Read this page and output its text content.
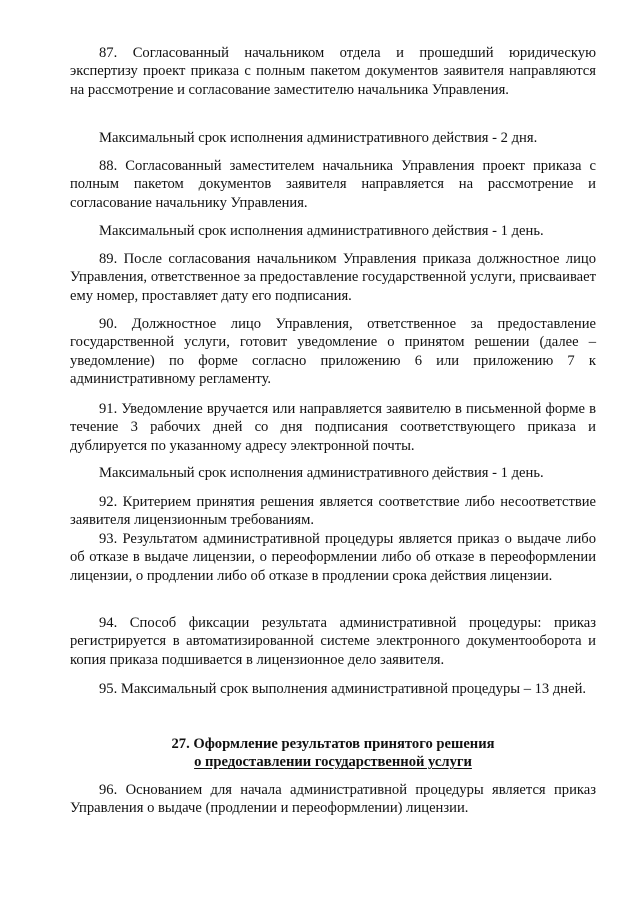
87. Согласованный начальником отдела и прошедший юридическую экспертизу проект приказа с полным пакетом документов заявителя направляются на рассмотрение и согласование заместителю начальника Управления.

Максимальный срок исполнения административного действия - 2 дня.

88. Согласованный заместителем начальника Управления проект приказа с полным пакетом документов заявителя направляется на рассмотрение и согласование начальнику Управления.

Максимальный срок исполнения административного действия - 1 день.

89. После согласования начальником Управления приказа должностное лицо Управления, ответственное за предоставление государственной услуги, присваивает ему номер, проставляет дату его подписания.

90. Должностное лицо Управления, ответственное за предоставление государственной услуги, готовит уведомление о принятом решении (далее – уведомление) по форме согласно приложению 6 или приложению 7 к административному регламенту.

91. Уведомление вручается или направляется заявителю в письменной форме в течение 3 рабочих дней со дня подписания соответствующего приказа и дублируется по указанному адресу электронной почты.

Максимальный срок исполнения административного действия - 1 день.

92. Критерием принятия решения является соответствие либо несоответствие заявителя лицензионным требованиям.

93. Результатом административной процедуры является приказ о выдаче либо об отказе в выдаче лицензии, о переоформлении либо об отказе в переоформлении лицензии, о продлении либо об отказе в продлении срока действия лицензии.

94. Способ фиксации результата административной процедуры: приказ регистрируется в автоматизированной системе электронного документооборота и копия приказа подшивается в лицензионное дело заявителя.

95. Максимальный срок выполнения административной процедуры – 13 дней.

27. Оформление результатов принятого решения
о предоставлении государственной услуги

96. Основанием для начала административной процедуры является приказ Управления о выдаче (продлении и переоформлении) лицензии.
